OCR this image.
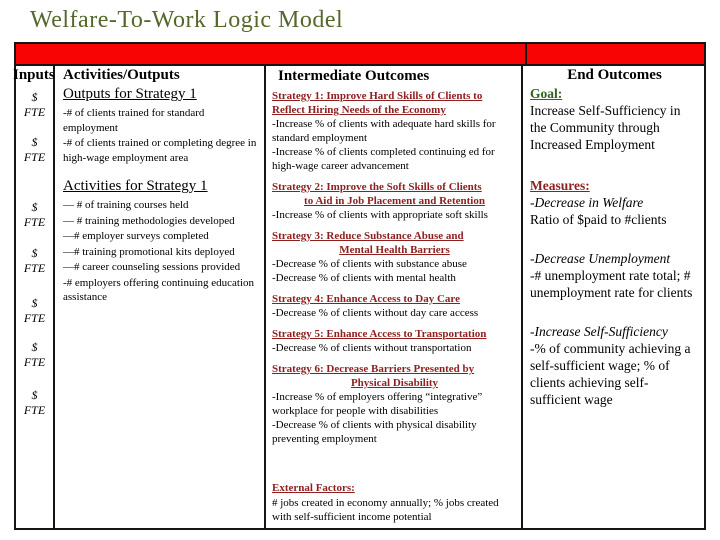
Welfare-To-Work Logic Model
Inputs
$
FTE
$
FTE
$
FTE
$
FTE
$
FTE
$
FTE
$
FTE
Activities/Outputs
Outputs for Strategy 1
-# of clients trained for standard employment
-# of clients trained or completing degree in high-wage employment area
Activities for Strategy 1
— # of training courses held
— # training methodologies developed
—# employer surveys completed
—# training promotional kits deployed
—# career counseling sessions provided
-# employers offering continuing education assistance
Intermediate Outcomes
Strategy 1: Improve Hard Skills of Clients to Reflect Hiring Needs of the Economy
-Increase % of clients with adequate hard skills for standard employment
-Increase % of clients completed continuing ed for high-wage career advancement
Strategy 2: Improve the Soft Skills of Clients
to Aid in Job Placement and Retention
-Increase % of clients with appropriate soft skills
Strategy 3: Reduce Substance Abuse and
Mental Health Barriers
-Decrease % of clients with substance abuse
-Decrease % of clients with mental health
Strategy 4: Enhance Access to Day Care
-Decrease % of clients without day care access
Strategy 5: Enhance Access to Transportation
-Decrease % of clients without transportation
Strategy 6: Decrease Barriers Presented by
Physical Disability
-Increase % of employers offering “integrative” workplace for people with disabilities
-Decrease % of clients with physical disability preventing employment
External Factors:
# jobs created in economy annually; % jobs created with self-sufficient income potential
End Outcomes
Goal:
Increase Self-Sufficiency in the Community through Increased Employment
Measures:
-Decrease in Welfare
Ratio of $paid to #clients
-Decrease Unemployment
-# unemployment rate total; # unemployment rate for clients
-Increase Self-Sufficiency
-% of community achieving a self-sufficient wage; % of clients achieving self-sufficient wage
